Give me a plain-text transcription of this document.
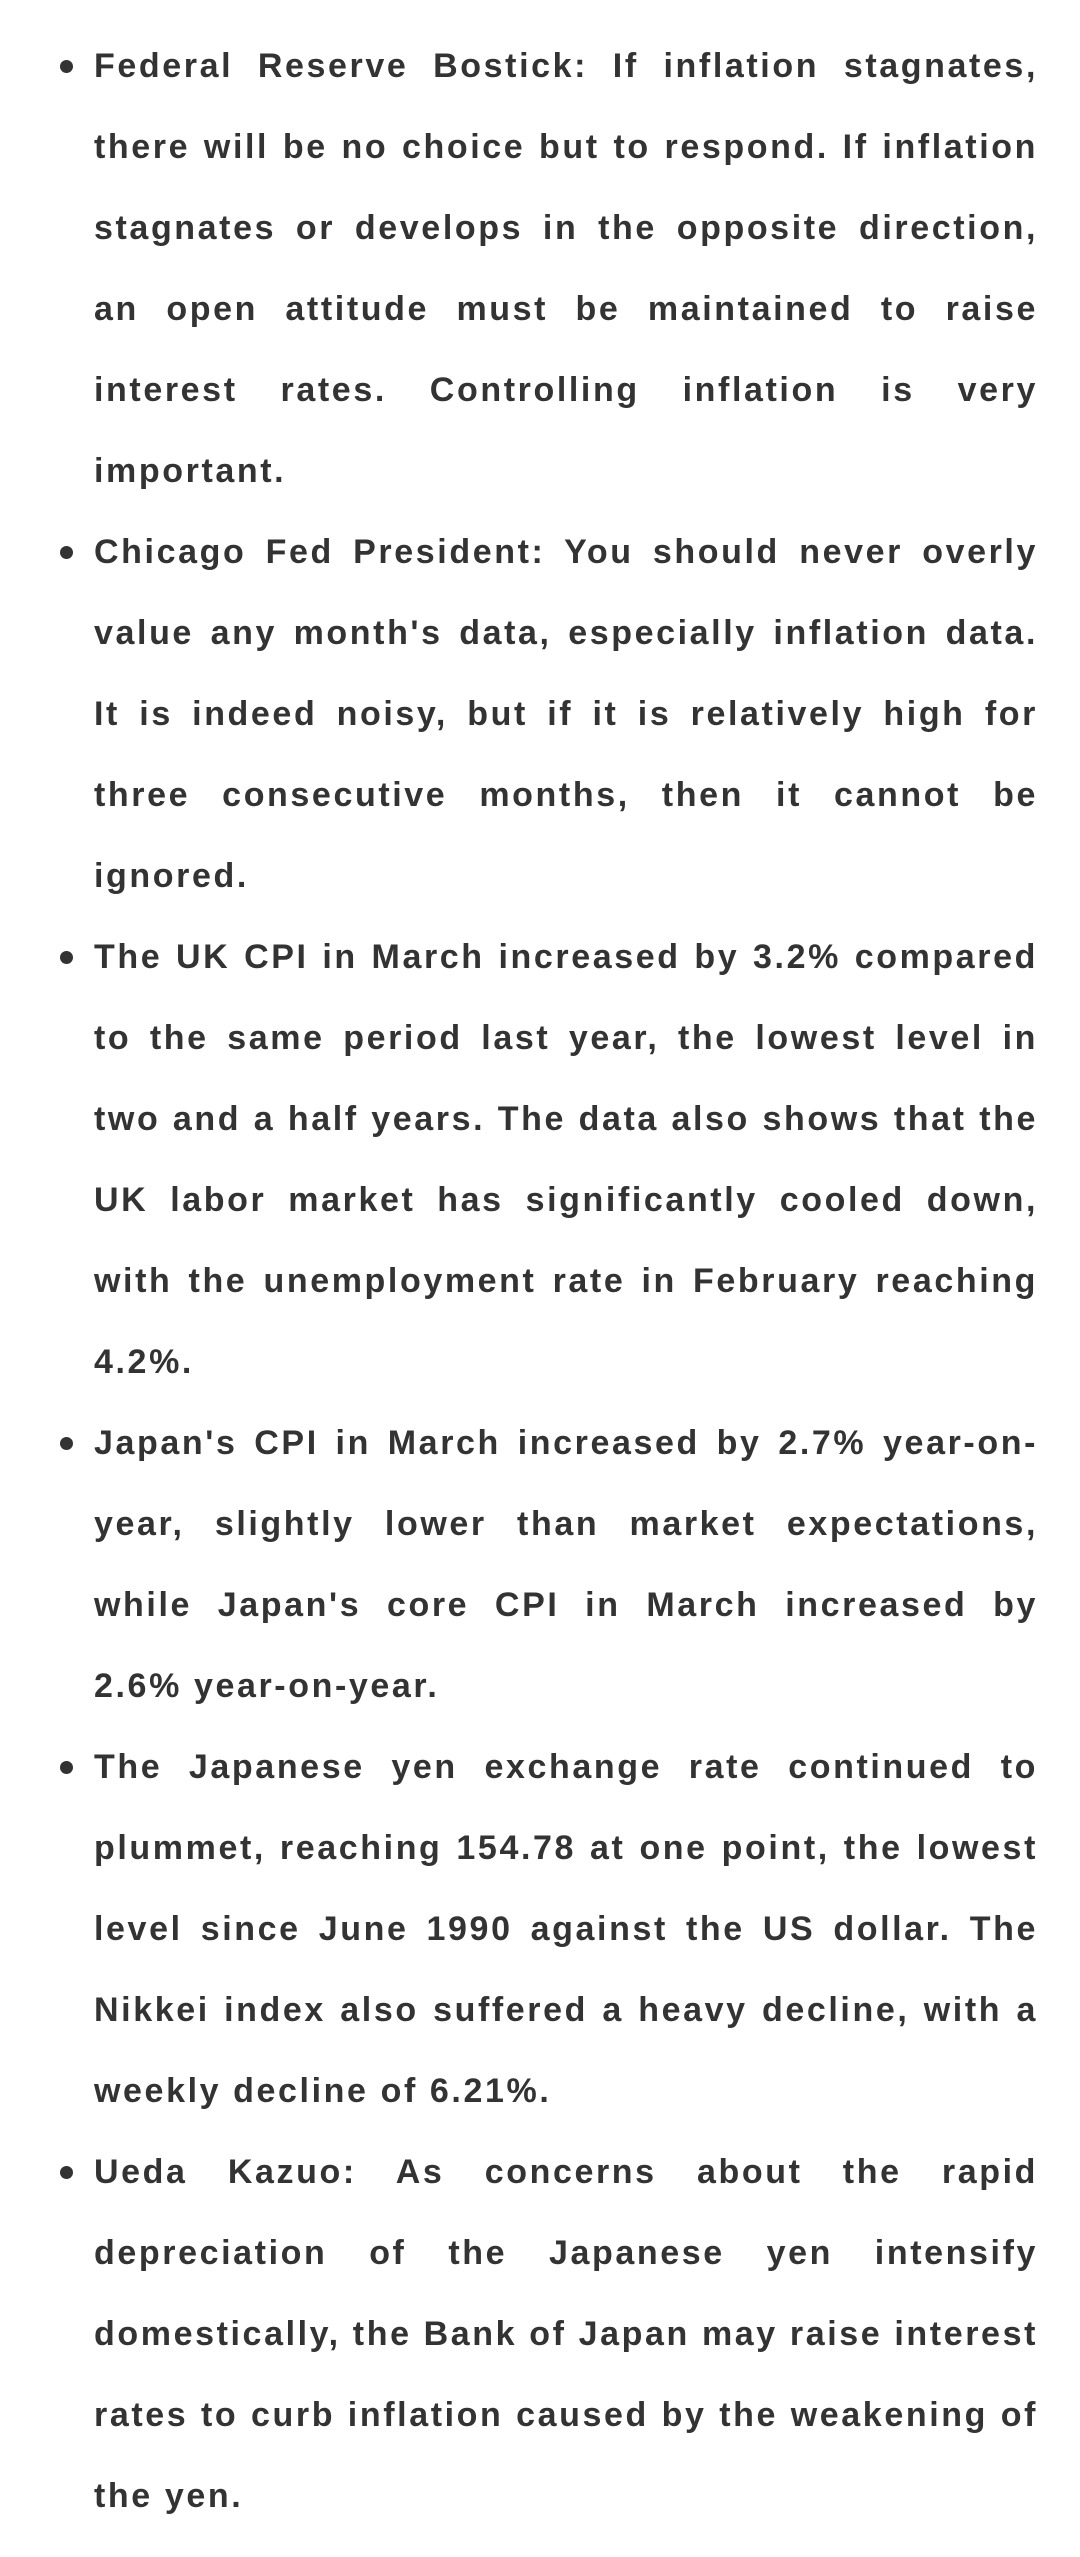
Federal Reserve Bostick: If inflation stagnates, there will be no choice but to respond. If inflation stagnates or develops in the opposite direction, an open attitude must be maintained to raise interest rates. Controlling inflation is very important.
Chicago Fed President: You should never overly value any month's data, especially inflation data. It is indeed noisy, but if it is relatively high for three consecutive months, then it cannot be ignored.
The UK CPI in March increased by 3.2% compared to the same period last year, the lowest level in two and a half years. The data also shows that the UK labor market has significantly cooled down, with the unemployment rate in February reaching 4.2%.
Japan's CPI in March increased by 2.7% year-on-year, slightly lower than market expectations, while Japan's core CPI in March increased by 2.6% year-on-year.
The Japanese yen exchange rate continued to plummet, reaching 154.78 at one point, the lowest level since June 1990 against the US dollar. The Nikkei index also suffered a heavy decline, with a weekly decline of 6.21%.
Ueda Kazuo: As concerns about the rapid depreciation of the Japanese yen intensify domestically, the Bank of Japan may raise interest rates to curb inflation caused by the weakening of the yen.
